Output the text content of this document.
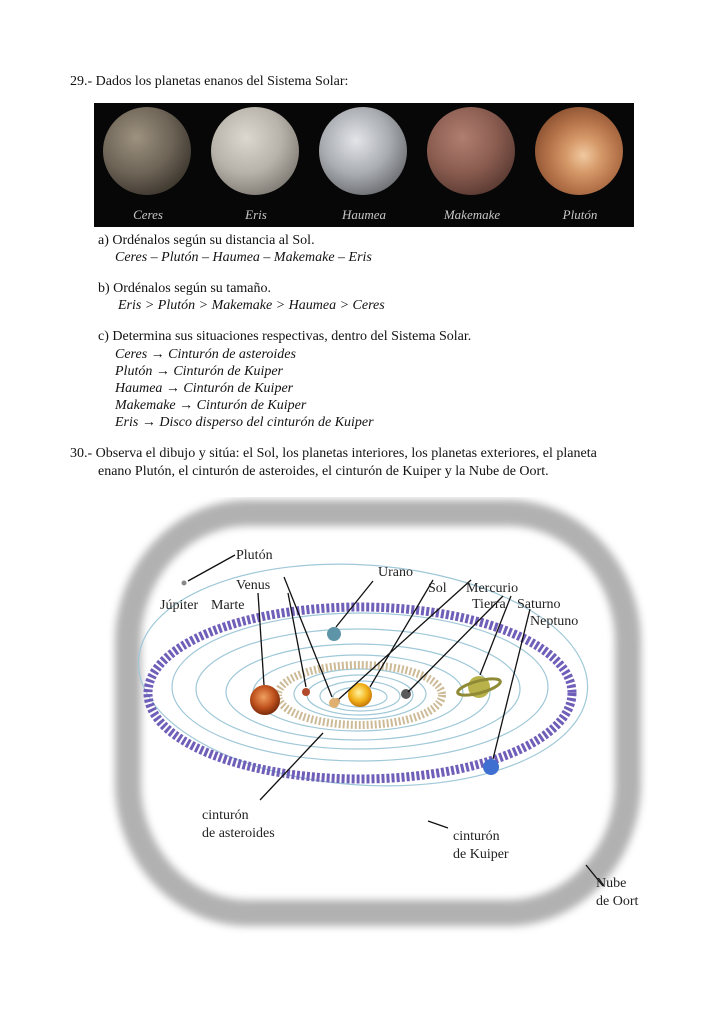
29.- Dados los planetas enanos del Sistema Solar:
Ceres	Eris	Haumea	Makemake	Plutón
a) Ordénalos según su distancia al Sol.
Ceres – Plutón – Haumea – Makemake – Eris
b) Ordénalos según su tamaño.
Eris > Plutón > Makemake > Haumea > Ceres
c) Determina sus situaciones respectivas, dentro del Sistema Solar.
Ceres → Cinturón de asteroides
Plutón → Cinturón de Kuiper
Haumea → Cinturón de Kuiper
Makemake → Cinturón de Kuiper
Eris → Disco disperso del cinturón de Kuiper
30.- Observa el dibujo y sitúa: el Sol, los planetas interiores, los planetas exteriores, el planeta
enano Plutón, el cinturón de asteroides, el cinturón de Kuiper y la Nube de Oort.
Plutón
Urano
Venus	Sol Mercurio
Júpiter Marte	Tierra Saturno
Neptuno
cinturón
de asteroides	cinturón
de Kuiper
Nube
de Oort
